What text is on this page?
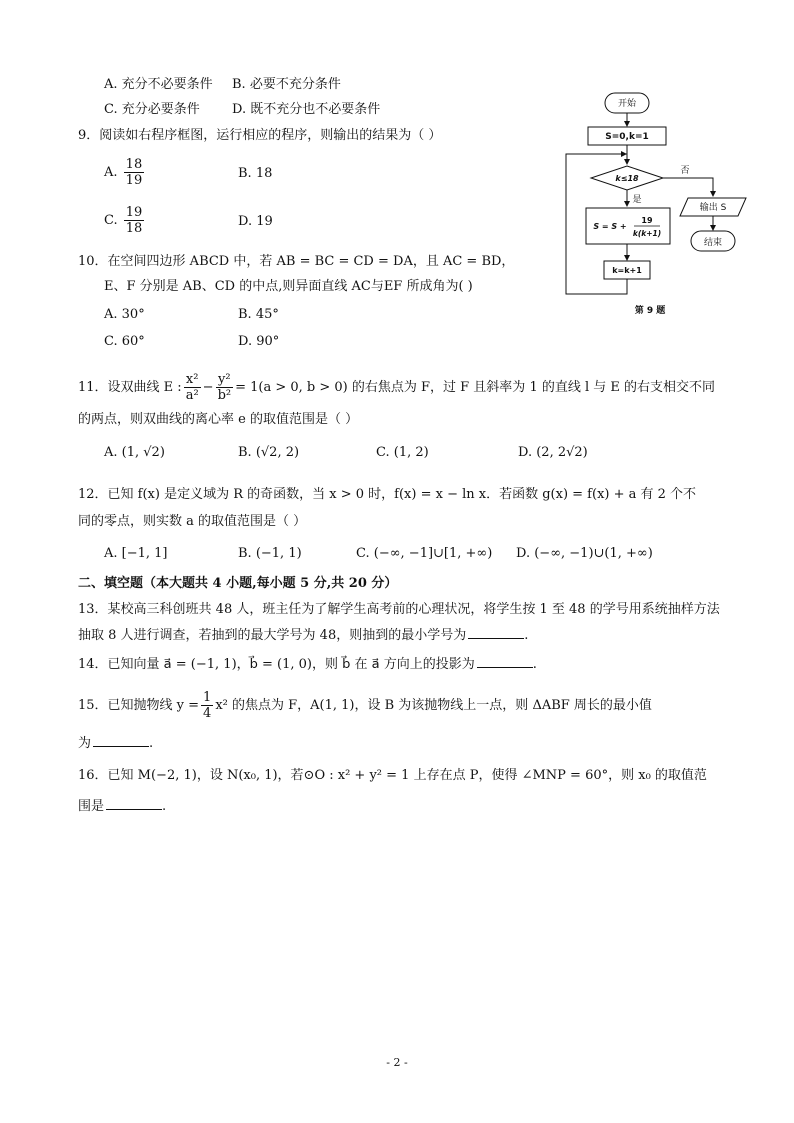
A. 充分不必要条件 B. 必要不充分条件
C. 充分必要条件 D. 既不充分也不必要条件
9．阅读如右程序框图，运行相应的程序，则输出的结果为（ ）
A. $\frac{18}{19}$	B. 18
C. $\frac{19}{18}$	D. 19
开始
S=0,k=1
k≤18
否
是
S = S +
19
k(k+1)
k=k+1
输出 S
结束
第 9 题
10．在空间四边形 ABCD 中，若 AB = BC = CD = DA，且 AC = BD，
E、F 分别是 AB、CD 的中点,则异面直线 AC与EF 所成角为( )
A. 30°	B. 45°
C. 60°	D. 90°
11．设双曲线 E : $\frac{\text{x²}}{\text{a²}} - \frac{\text{y²}}{\text{b²}} = 1(a > 0$, b > 0) 的右焦点为 F，过 F 且斜率为 1 的直线 l 与 E 的右支相交不同
的两点，则双曲线的离心率 e 的取值范围是（ ）
A. (1, √2)	B. (√2, 2)	C. (1, 2)	D. (2, 2√2)
12．已知 f(x) 是定义域为 R 的奇函数，当 x > 0 时，f(x) = x − ln x．若函数 g(x) = f(x) + a 有 2 个不
同的零点，则实数 a 的取值范围是（ ）
A. [−1, 1]	B. (−1, 1)	C. (−∞, −1]∪[1, +∞) D. (−∞, −1)∪(1, +∞)
二、填空题（本大题共 4 小题,每小题 5 分,共 20 分）
13．某校高三科创班共 48 人，班主任为了解学生高考前的心理状况，将学生按 1 至 48 的学号用系统抽样方法
抽取 8 人进行调查，若抽到的最大学号为 48，则抽到的最小学号为	.
14．已知向量 a⃗ = (−1, 1)，b⃗ = (1, 0)，则 b⃗ 在 a⃗ 方向上的投影为	.
15．已知抛物线 $y = \frac{1}{4} x^2$ 的焦点为 F，A(1, 1)，设 B 为该抛物线上一点，则 ΔABF 周长的最小值
为	.
16．已知 M(−2, 1)，设 N(x₀, 1)，若⊙O : x² + y² = 1 上存在点 P，使得 ∠MNP = 60°，则 x₀ 的取值范
围是	.
- 2 -
